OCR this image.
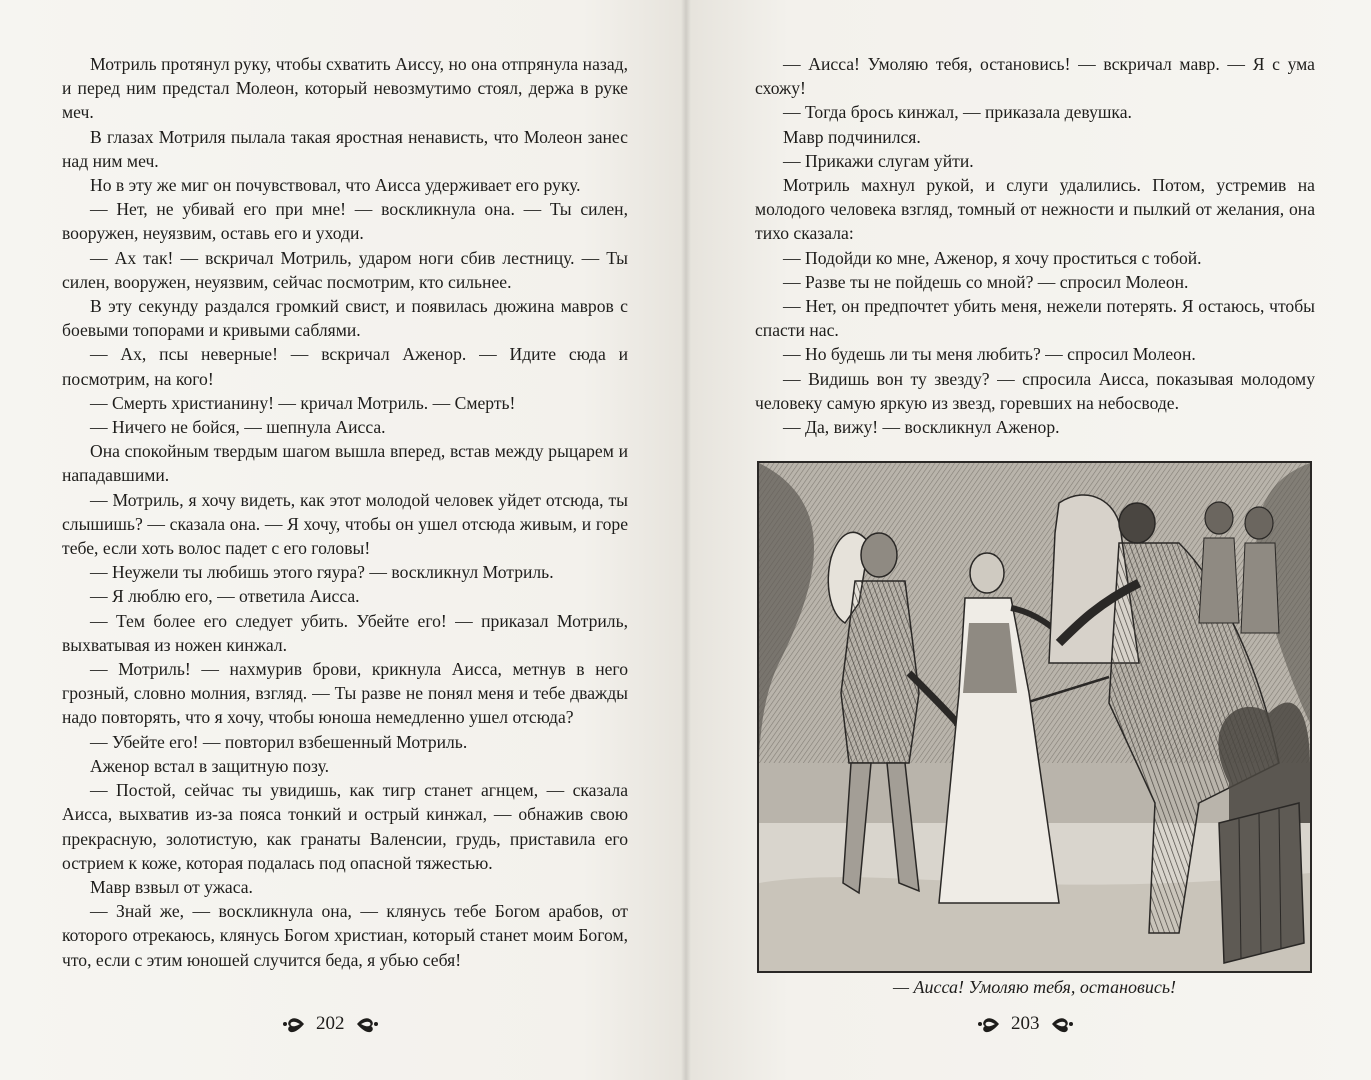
Мотриль протянул руку, чтобы схватить Аиссу, но она отпрянула назад, и перед ним предстал Молеон, который невозмутимо стоял, держа в руке меч.

В глазах Мотриля пылала такая яростная ненависть, что Молеон занес над ним меч.

Но в эту же миг он почувствовал, что Аисса удерживает его руку.

— Нет, не убивай его при мне! — воскликнула она. — Ты силен, вооружен, неуязвим, оставь его и уходи.

— Ах так! — вскричал Мотриль, ударом ноги сбив лестницу. — Ты силен, вооружен, неуязвим, сейчас посмотрим, кто сильнее.

В эту секунду раздался громкий свист, и появилась дюжина мавров с боевыми топорами и кривыми саблями.

— Ах, псы неверные! — вскричал Аженор. — Идите сюда и посмотрим, на кого!

— Смерть христианину! — кричал Мотриль. — Смерть!

— Ничего не бойся, — шепнула Аисса.

Она спокойным твердым шагом вышла вперед, встав между рыцарем и нападавшими.

— Мотриль, я хочу видеть, как этот молодой человек уйдет отсюда, ты слышишь? — сказала она. — Я хочу, чтобы он ушел отсюда живым, и горе тебе, если хоть волос падет с его головы!

— Неужели ты любишь этого гяура? — воскликнул Мотриль.

— Я люблю его, — ответила Аисса.

— Тем более его следует убить. Убейте его! — приказал Мотриль, выхватывая из ножен кинжал.

— Мотриль! — нахмурив брови, крикнула Аисса, метнув в него грозный, словно молния, взгляд. — Ты разве не понял меня и тебе дважды надо повторять, что я хочу, чтобы юноша немедленно ушел отсюда?

— Убейте его! — повторил взбешенный Мотриль.

Аженор встал в защитную позу.

— Постой, сейчас ты увидишь, как тигр станет агнцем, — сказала Аисса, выхватив из-за пояса тонкий и острый кинжал, — обнажив свою прекрасную, золотистую, как гранаты Валенсии, грудь, приставила его острием к коже, которая подалась под опасной тяжестью.

Мавр взвыл от ужаса.

— Знай же, — воскликнула она, — клянусь тебе Богом арабов, от которого отрекаюсь, клянусь Богом христиан, который станет моим Богом, что, если с этим юношей случится беда, я убью себя!

202

— Аисса! Умоляю тебя, остановись! — вскричал мавр. — Я с ума схожу!

— Тогда брось кинжал, — приказала девушка.

Мавр подчинился.

— Прикажи слугам уйти.

Мотриль махнул рукой, и слуги удалились. Потом, устремив на молодого человека взгляд, томный от нежности и пылкий от желания, она тихо сказала:

— Подойди ко мне, Аженор, я хочу проститься с тобой.

— Разве ты не пойдешь со мной? — спросил Молеон.

— Нет, он предпочтет убить меня, нежели потерять. Я остаюсь, чтобы спасти нас.

— Но будешь ли ты меня любить? — спросил Молеон.

— Видишь вон ту звезду? — спросила Аисса, показывая молодому человеку самую яркую из звезд, горевших на небосводе.

— Да, вижу! — воскликнул Аженор.

— Аисса! Умоляю тебя, остановись!
203
